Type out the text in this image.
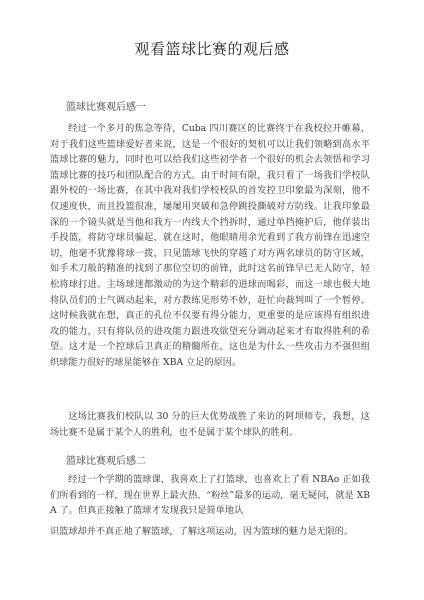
观看篮球比赛的观后感
篮球比赛观后感一
经过一个多月的焦急等待，Cuba 四川赛区的比赛终于在我校拉开帷幕，对于我们这些篮球爱好者来说，这是一个很好的契机可以让我们领略到高水平篮球比赛的魅力，同时也可以给我们这些初学者一个很好的机会去领悟和学习篮球比赛的技巧和团队配合的方式。由于时间有限，我只看了一场我们学校队跟外校的一场比赛，在其中我对我们学校校队的首发控卫印象最为深刻，他不仅速度快，而且投篮很准，屡屡用突破和急停跳投撕破对方防线。让我印象最深的一个镜头就是当他和我方一内线大个挡拆时，通过单挡掩护后，他佯装出手投篮，将防守球员骗起，就在这时，他眼睛用余光看到了我方前锋在迅速空切，他毫不犹豫将球一拨，只见篮球飞快的穿越了对方两名球员的防守区域，如手术刀般的精准的找到了那位空切的前锋，此时这名前锋早已无人防守，轻松将球打进。主场球迷都激动的为这个精彩的进球而喝彩，而这一球也极大地将队员们的士气调动起来，对方教练见形势不妙，赶忙向裁判叫了一个暂停。这时候我就在想，真正的孔位不仅要有得分能力，更重要的是应该得有组织进攻的能力，只有将队员的进攻能力跟进攻欲望充分调动起来才有取得胜利的希望。这才是一个控球后卫真正的精髓所在，这也是为什么一些攻击力不强但组织球能力很好的球星能够在 XBA 立足的原因。
这场比赛我们校队以 30 分的巨大优势战胜了来访的阿坝师专，我想，这场比赛不是属于某个人的胜利，也不是属于某个球队的胜利。
篮球比赛观后感二
经过一个学期的篮球课，我喜欢上了打篮球，也喜欢上了看 NBAo 正如我们所看到的一样，现在世界上最火热、“粉丝”最多的运动，毫无疑问，就是 XBA 了。但真正接触了篮球才发现我只是简单地认
识篮球却并不真正地了解篮球，了解这项运动，因为篮球的魅力是无限的。
